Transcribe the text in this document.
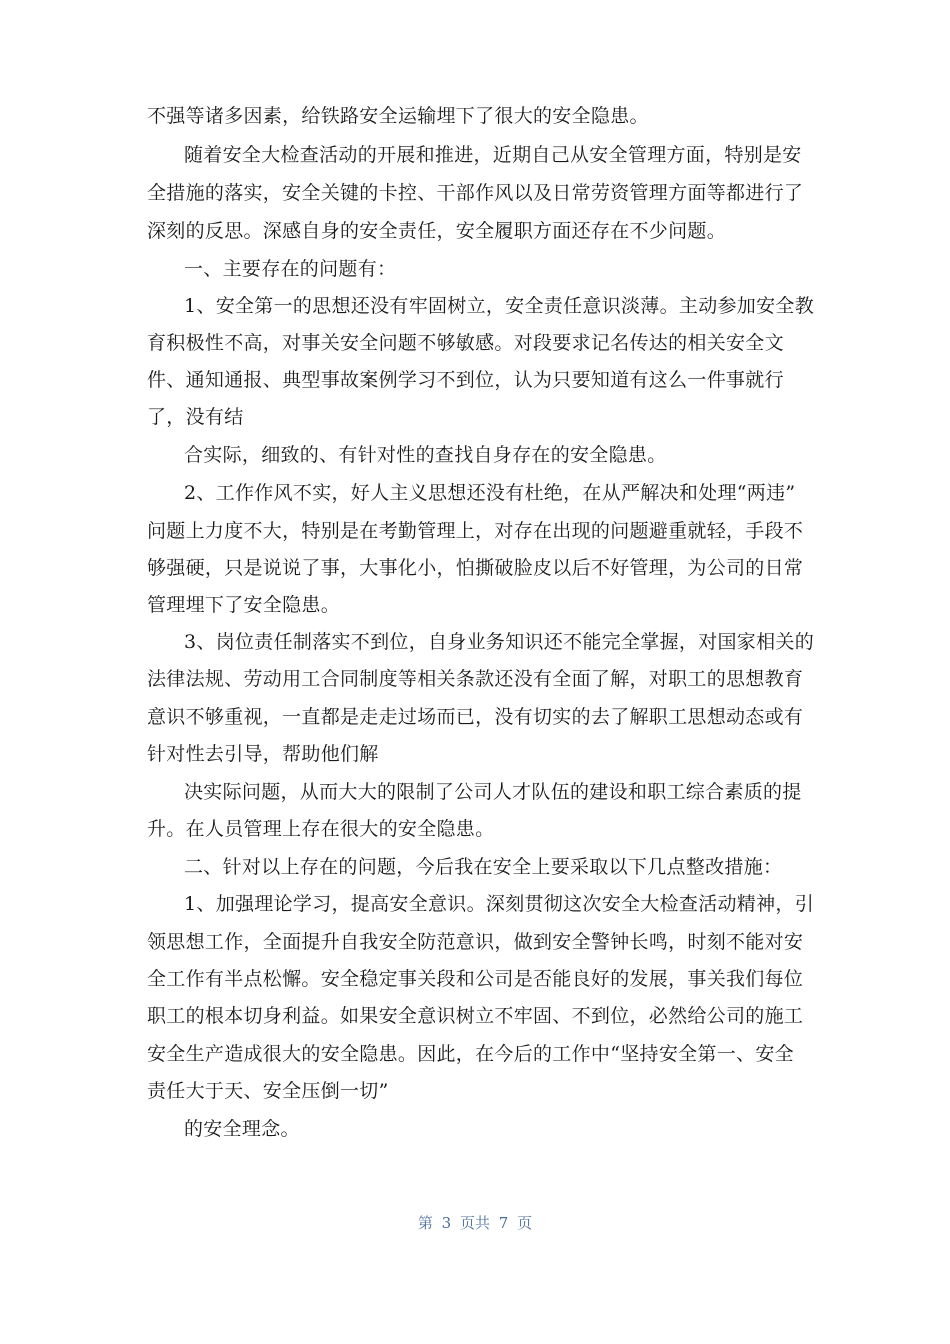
不强等诸多因素，给铁路安全运输埋下了很大的安全隐患。
随着安全大检查活动的开展和推进，近期自己从安全管理方面，特别是安
全措施的落实，安全关键的卡控、干部作风以及日常劳资管理方面等都进行了
深刻的反思。深感自身的安全责任，安全履职方面还存在不少问题。
一、主要存在的问题有：
1、安全第一的思想还没有牢固树立，安全责任意识淡薄。主动参加安全教
育积极性不高，对事关安全问题不够敏感。对段要求记名传达的相关安全文
件、通知通报、典型事故案例学习不到位，认为只要知道有这么一件事就行
了，没有结
合实际，细致的、有针对性的查找自身存在的安全隐患。
2、工作作风不实，好人主义思想还没有杜绝，在从严解决和处理“两违”
问题上力度不大，特别是在考勤管理上，对存在出现的问题避重就轻，手段不
够强硬，只是说说了事，大事化小，怕撕破脸皮以后不好管理，为公司的日常
管理埋下了安全隐患。
3、岗位责任制落实不到位，自身业务知识还不能完全掌握，对国家相关的
法律法规、劳动用工合同制度等相关条款还没有全面了解，对职工的思想教育
意识不够重视，一直都是走走过场而已，没有切实的去了解职工思想动态或有
针对性去引导，帮助他们解
决实际问题，从而大大的限制了公司人才队伍的建设和职工综合素质的提
升。在人员管理上存在很大的安全隐患。
二、针对以上存在的问题，今后我在安全上要采取以下几点整改措施：
1、加强理论学习，提高安全意识。深刻贯彻这次安全大检查活动精神，引
领思想工作，全面提升自我安全防范意识，做到安全警钟长鸣，时刻不能对安
全工作有半点松懈。安全稳定事关段和公司是否能良好的发展，事关我们每位
职工的根本切身利益。如果安全意识树立不牢固、不到位，必然给公司的施工
安全生产造成很大的安全隐患。因此，在今后的工作中“坚持安全第一、安全
责任大于天、安全压倒一切”
的安全理念。
第 3 页共 7 页
